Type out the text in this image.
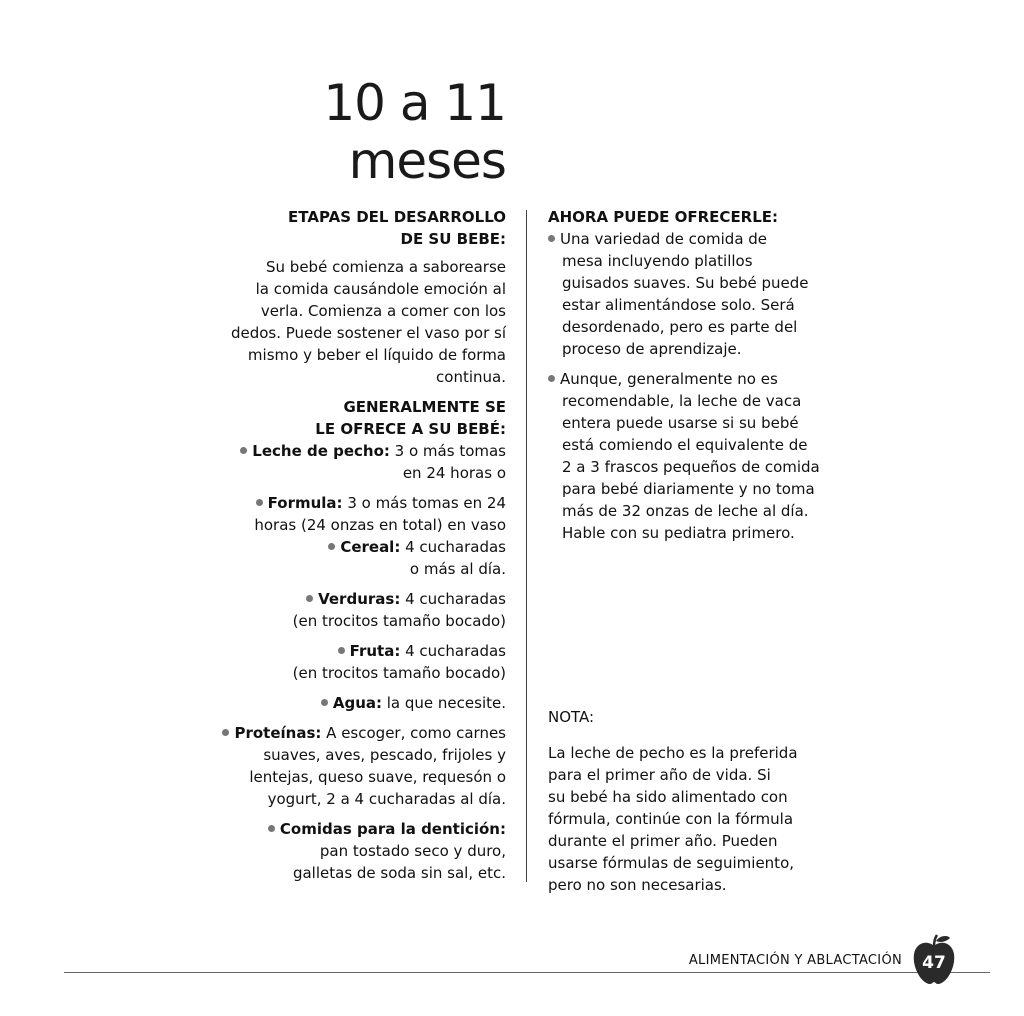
10 a 11
meses
ETAPAS DEL DESARROLLO
DE SU BEBE:
Su bebé comienza a saborearse
la comida causándole emoción al
verla. Comienza a comer con los
dedos. Puede sostener el vaso por sí
mismo y beber el líquido de forma
continua.
GENERALMENTE SE
LE OFRECE A SU BEBÉ:
Leche de pecho: 3 o más tomas
en 24 horas o
Formula: 3 o más tomas en 24
horas (24 onzas en total) en vaso
Cereal: 4 cucharadas
o más al día.
Verduras: 4 cucharadas
(en trocitos tamaño bocado)
Fruta: 4 cucharadas
(en trocitos tamaño bocado)
Agua: la que necesite.
Proteínas: A escoger, como carnes
suaves, aves, pescado, frijoles y
lentejas, queso suave, requesón o
yogurt, 2 a 4 cucharadas al día.
Comidas para la dentición:
pan tostado seco y duro,
galletas de soda sin sal, etc.
AHORA PUEDE OFRECERLE:
Una variedad de comida de
mesa incluyendo platillos
guisados suaves. Su bebé puede
estar alimentándose solo. Será
desordenado, pero es parte del
proceso de aprendizaje.
Aunque, generalmente no es
recomendable, la leche de vaca
entera puede usarse si su bebé
está comiendo el equivalente de
2 a 3 frascos pequeños de comida
para bebé diariamente y no toma
más de 32 onzas de leche al día.
Hable con su pediatra primero.
NOTA:
La leche de pecho es la preferida
para el primer año de vida. Si
su bebé ha sido alimentado con
fórmula, continúe con la fórmula
durante el primer año. Pueden
usarse fórmulas de seguimiento,
pero no son necesarias.
ALIMENTACIÓN Y ABLACTACIÓN	47
